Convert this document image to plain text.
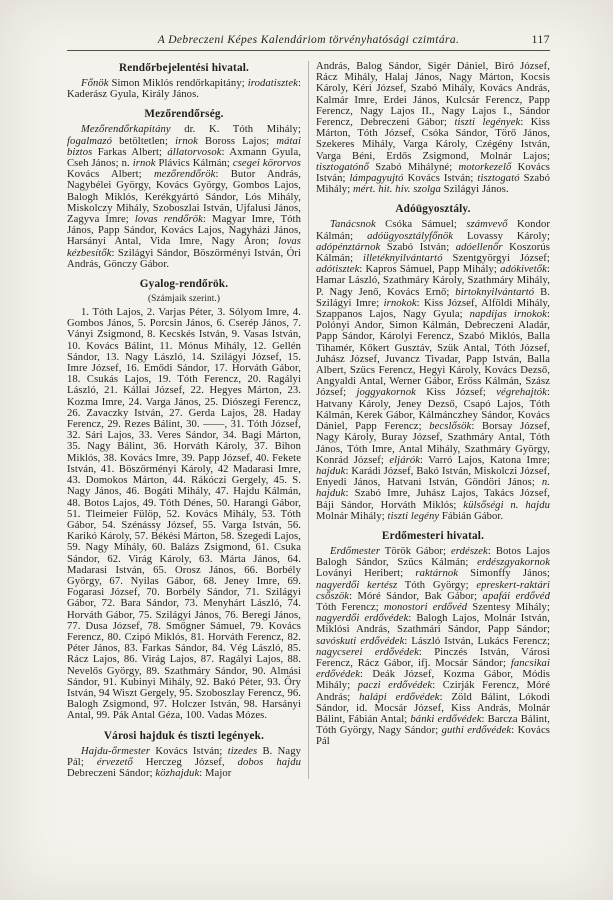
A Debreczeni Képes Kalendáriom törvényhatósági czimtára.	117
Rendőrbejelentési hivatal.

Főnök Simon Miklós rendőrkapitány; irodatisztek: Kaderász Gyula, Király János.

Mezőrendőrség.

Mezőrendőrkapitány dr. K. Tóth Mihály; fogalmazó betöltetlen; irnok Boross Lajos; mátai biztos Farkas Albert; állatorvosok: Axmann Gyula, Cseh János; n. irnok Plávics Kálmán; csegei körorvos Kovács Albert; mezőrendőrök: Butor András, Nagybélei György, Kovács György, Gombos Lajos, Balogh Miklós, Kerékgyártó Sándor, Lós Mihály, Miskolczy Mihály, Szoboszlai István, Ujfalusi János, Zagyva Imre; lovas rendőrök: Magyar Imre, Tóth János, Papp Sándor, Kovács Lajos, Nagyházi János, Harsányi Antal, Vida Imre, Nagy Áron; lovas kézbesítők: Szilágyi Sándor, Böszörményi István, Óri András, Gönczy Gábor.

Gyalog-rendőrök.
(Számjaik szerint.)

1. Tóth Lajos, 2. Varjas Péter, 3. Sólyom Imre, 4. Gombos János, 5. Porcsin János, 6. Cserép János, 7. Ványi Zsigmond, 8. Kecskés István, 9. Vasas István, 10. Kovács Bálint, 11. Mónus Mihály, 12. Gellén Sándor, 13. Nagy László, 14. Szilágyi József, 15. Imre József, 16. Emődi Sándor, 17. Horváth Gábor, 18. Csukás Lajos, 19. Tóth Ferencz, 20. Ragályi László, 21. Kállai József, 22. Hegyes Márton, 23. Kozma Imre, 24. Varga János, 25. Diószegi Ferencz, 26. Zavaczky István, 27. Gerda Lajos, 28. Haday Ferencz, 29. Rezes Bálint, 30. ——, 31. Tóth József, 32. Sári Lajos, 33. Veres Sándor, 34. Bagi Márton, 35. Nagy Bálint, 36. Horváth Károly, 37. Bihon Miklós, 38. Kovács Imre, 39. Papp József, 40. Fekete István, 41. Böszörményi Károly, 42 Madarasi Imre, 43. Domokos Márton, 44. Rákóczi Gergely, 45. S. Nagy János, 46. Bogáti Mihály, 47. Hajdu Kálmán, 48. Botos Lajos, 49. Tóth Dénes, 50. Harangi Gábor, 51. Tleimeier Fülöp, 52. Kovács Mihály, 53. Tóth Gábor, 54. Szénássy József, 55. Varga István, 56. Karikó Károly, 57. Békési Márton, 58. Szegedi Lajos, 59. Nagy Mihály, 60. Balázs Zsigmond, 61. Csuka Sándor, 62. Virág Károly, 63. Márta János, 64. Madarasi István, 65. Orosz János, 66. Borbély György, 67. Nyilas Gábor, 68. Jeney Imre, 69. Fogarasi József, 70. Borbély Sándor, 71. Szilágyi Gábor, 72. Bara Sándor, 73. Menyhárt László, 74. Horváth Gábor, 75. Szilágyi János, 76. Beregi János, 77. Dusa József, 78. Smőgner Sámuel, 79. Kovács Ferencz, 80. Czipó Miklós, 81. Horváth Ferencz, 82. Péter János, 83. Farkas Sándor, 84. Vég László, 85. Rácz Lajos, 86. Virág Lajos, 87. Ragályi Lajos, 88. Nevelős György, 89. Szathmáry Sándor, 90. Almási Sándor, 91. Kubinyi Mihály, 92. Bakó Péter, 93. Őry István, 94 Wiszt Gergely, 95. Szoboszlay Ferencz, 96. Balogh Zsigmond, 97. Holczer István, 98. Harsányi Antal, 99. Pák Antal Géza, 100. Vadas Mózes.

Városi hajduk és tiszti legények.

Hajdu-őrmester Kovács István; tizedes B. Nagy Pál; érvezető Herczeg József, dobos hajdu Debreczeni Sándor; közhajduk: Major

András, Balog Sándor, Sigér Dániel, Biró József, Rácz Mihály, Halaj János, Nagy Márton, Kocsis Károly, Kéri József, Szabó Mihály, Kovács András, Kalmár Imre, Erdei János, Kulcsár Ferencz, Papp Ferencz, Nagy Lajos II., Nagy Lajos I., Sándor Ferencz, Debreczeni Gábor; tiszti legények: Kiss Márton, Tóth József, Csóka Sándor, Törő János, Szekeres Mihály, Varga Károly, Czégény István, Varga Béni, Erdős Zsigmond, Molnár Lajos; tisztogatónő Szabó Mihályné; motorkezelő Kovács István; lámpagyujtó Kovács István; tisztogató Szabó Mihály; mért. hit. hiv. szolga Szilágyi János.

Adóügyosztály.

Tanácsnok Csóka Sámuel; számvevő Kondor Kálmán; adóügyosztályfőnök Lovassy Károly; adópénztárnok Szabó István; adóellenőr Koszorús Kálmán; illetéknyilvántartó Szentgyörgyi József; adótisztek: Kapros Sámuel, Papp Mihály; adókivetők: Hamar László, Szathmáry Károly, Szathmáry Mihály, P. Nagy Jenő, Kovács Ernő; birtoknyilvántartó B. Szilágyi Imre; irnokok: Kiss József, Alföldi Mihály, Szappanos Lajos, Nagy Gyula; napdíjas irnokok: Polónyi Andor, Simon Kálmán, Debreczeni Aladár, Papp Sándor, Károlyi Ferencz, Szabó Miklós, Balla Tihamér, Kőkert Gusztáv, Szük Antal, Tóth József, Juhász József, Juvancz Tivadar, Papp István, Balla Albert, Szücs Ferencz, Hegyi Károly, Kovács Dezső, Angyaldi Antal, Werner Gábor, Erőss Kálmán, Szász József; joggyakornok Kiss József; végrehajtók: Hatvany Károly, Jeney Dezső, Csapó Lajos, Tóth Kálmán, Kerek Gábor, Kálmánczhey Sándor, Kovács Dániel, Papp Ferencz; becslősök: Borsay József, Nagy Károly, Buray József, Szathmáry Antal, Tóth János, Tóth Imre, Antal Mihály, Szathmáry György, Konrád József; eljárók: Varró Lajos, Katona Imre; hajduk: Karádi József, Bakó István, Miskolczi József, Enyedi János, Hatvani István, Göndöri János; n. hajduk: Szabó Imre, Juhász Lajos, Takács József, Báji Sándor, Horváth Miklós; külsőségi n. hajdu Molnár Mihály; tiszti legény Fábián Gábor.

Erdőmesteri hivatal.

Erdőmester Török Gábor; erdészek: Botos Lajos Balogh Sándor, Szücs Kálmán; erdészgyakornok Loványi Heribert; raktárnok Simonffy János; nagyerdői kertész Tóth György; epreskert-raktári csőszök: Móré Sándor, Bak Gábor; apafái erdővéd Tóth Ferencz; monostori erdővéd Szentesy Mihály; nagyerdői erdővédek: Balogh Lajos, Molnár István, Miklósi András, Szathmári Sándor, Papp Sándor; savóskuti erdővédek: László István, Lukács Ferencz; nagycserei erdővédek: Pinczés István, Városi Ferencz, Rácz Gábor, ifj. Mocsár Sándor; fancsikai erdővédek: Deák József, Kozma Gábor, Módis Mihály; paczi erdővédek: Czirják Ferencz, Móré András; halápi erdővédek: Zöld Bálint, Lókodi Sándor, id. Mocsár József, Kiss András, Molnár Bálint, Fábián Antal; bánki erdővédek: Barcza Bálint, Tóth György, Nagy Sándor; guthi erdővédek: Kovács Pál
